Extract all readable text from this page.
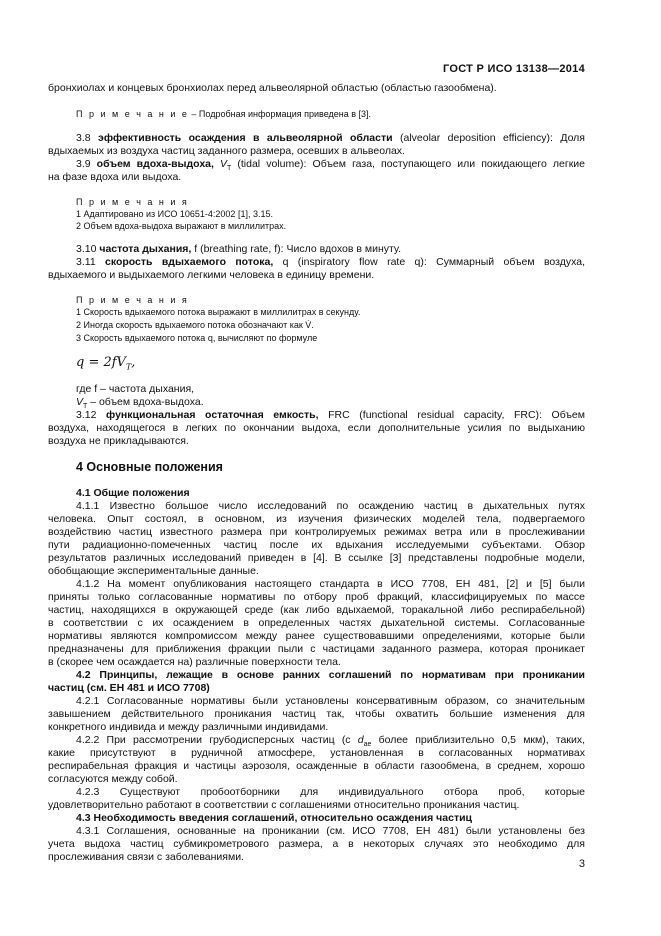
ГОСТ Р ИСО 13138—2014
бронхиолах и концевых бронхиолах перед альвеолярной областью (областью газообмена).
П р и м е ч а н и е – Подробная информация приведена в [3].
3.8 эффективность осаждения в альвеолярной области (alveolar deposition efficiency): Доля
вдыхаемых из воздуха частиц заданного размера, осевших в альвеолах.
3.9 объем вдоха-выдоха, $V_T$ (tidal volume): Объем газа, поступающего или покидающего легкие
на фазе вдоха или выдоха.
П р и м е ч а н и я
1 Адаптировано из ИСО 10651-4:2002 [1], 3.15.
2 Объем вдоха-выдоха выражают в миллилитрах.
3.10 частота дыхания, f (breathing rate, f): Число вдохов в минуту.
3.11 скорость вдыхаемого потока, q (inspiratory flow rate q): Суммарный объем воздуха,
вдыхаемого и выдыхаемого легкими человека в единицу времени.
П р и м е ч а н и я
1 Скорость вдыхаемого потока выражают в миллилитрах в секунду.
2 Иногда скорость вдыхаемого потока обозначают как V̇.
3 Скорость вдыхаемого потока q, вычисляют по формуле
$q = 2fV_T$,
где f – частота дыхания,
$V_T$ – объем вдоха-выдоха.
3.12 функциональная остаточная емкость, FRC (functional residual capacity, FRC): Объем
воздуха, находящегося в легких по окончании выдоха, если дополнительные усилия по выдыханию
воздуха не прикладываются.
4 Основные положения
4.1 Общие положения
4.1.1 Известно большое число исследований по осаждению частиц в дыхательных путях
человека. Опыт состоял, в основном, из изучения физических моделей тела, подвергаемого
воздействию частиц известного размера при контролируемых режимах ветра или в прослеживании
пути радиационно-помеченных частиц после их вдыхания исследуемыми субъектами. Обзор
результатов различных исследований приведен в [4]. В ссылке [3] представлены подробные модели,
обобщающие экспериментальные данные.
4.1.2 На момент опубликования настоящего стандарта в ИСО 7708, ЕН 481, [2] и [5] были
приняты только согласованные нормативы по отбору проб фракций, классифицируемых по массе
частиц, находящихся в окружающей среде (как либо вдыхаемой, торакальной либо респирабельной)
в соответствии с их осаждением в определенных частях дыхательной системы. Согласованные
нормативы являются компромиссом между ранее существовавшими определениями, которые были
предназначены для приближения фракции пыли с частицами заданного размера, которая проникает
в (скорее чем осаждается на) различные поверхности тела.
4.2 Принципы, лежащие в основе ранних соглашений по нормативам при проникании
частиц (см. ЕН 481 и ИСО 7708)
4.2.1 Согласованные нормативы были установлены консервативным образом, со значительным
завышением действительного проникания частиц так, чтобы охватить большие изменения для
конкретного индивида и между различными индивидами.
4.2.2 При рассмотрении грубодисперсных частиц (с $d_{ae}$ более приблизительно 0,5 мкм), таких,
какие присутствуют в рудничной атмосфере, установленная в согласованных нормативах
респирабельная фракция и частицы аэрозоля, осажденные в области газообмена, в среднем, хорошо
согласуются между собой.
4.2.3 Существуют пробоотборники для индивидуального отбора проб, которые
удовлетворительно работают в соответствии с соглашениями относительно проникания частиц.
4.3 Необходимость введения соглашений, относительно осаждения частиц
4.3.1 Соглашения, основанные на проникании (см. ИСО 7708, ЕН 481) были установлены без
учета выдоха частиц субмикрометрового размера, а в некоторых случаях это необходимо для
прослеживания связи с заболеваниями.
3
